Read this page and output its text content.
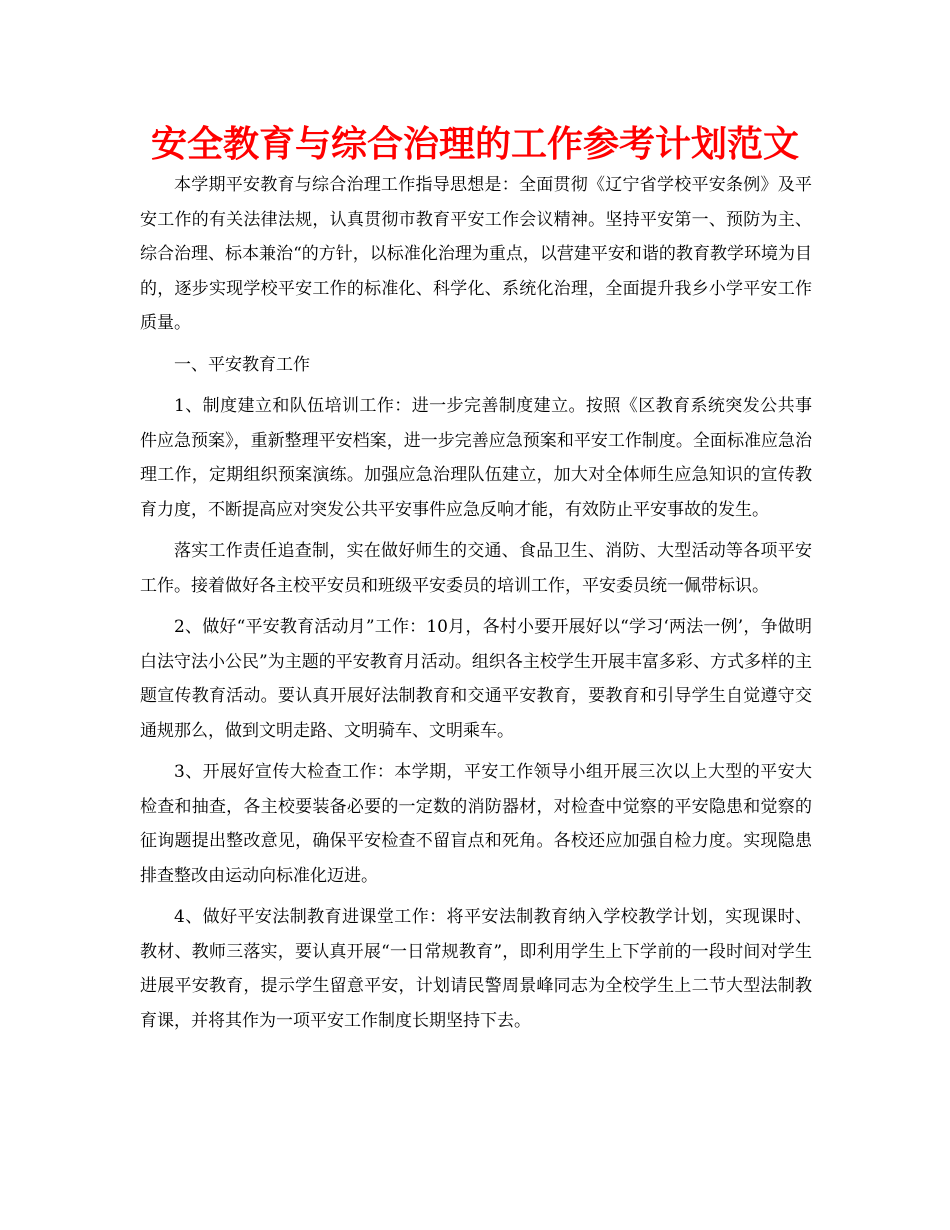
安全教育与综合治理的工作参考计划范文

本学期平安教育与综合治理工作指导思想是：全面贯彻《辽宁省学校平安条例》及平安工作的有关法律法规，认真贯彻市教育平安工作会议精神。坚持平安第一、预防为主、综合治理、标本兼治“的方针，以标准化治理为重点，以营建平安和谐的教育教学环境为目的，逐步实现学校平安工作的标准化、科学化、系统化治理，全面提升我乡小学平安工作质量。

一、平安教育工作

1、制度建立和队伍培训工作：进一步完善制度建立。按照《区教育系统突发公共事件应急预案》，重新整理平安档案，进一步完善应急预案和平安工作制度。全面标准应急治理工作，定期组织预案演练。加强应急治理队伍建立，加大对全体师生应急知识的宣传教育力度，不断提高应对突发公共平安事件应急反响才能，有效防止平安事故的发生。

落实工作责任追查制，实在做好师生的交通、食品卫生、消防、大型活动等各项平安工作。接着做好各主校平安员和班级平安委员的培训工作，平安委员统一佩带标识。

2、做好“平安教育活动月”工作：10月，各村小要开展好以“学习‘两法一例’，争做明白法守法小公民”为主题的平安教育月活动。组织各主校学生开展丰富多彩、方式多样的主题宣传教育活动。要认真开展好法制教育和交通平安教育，要教育和引导学生自觉遵守交通规那么，做到文明走路、文明骑车、文明乘车。

3、开展好宣传大检查工作：本学期，平安工作领导小组开展三次以上大型的平安大检查和抽查，各主校要装备必要的一定数的消防器材，对检查中觉察的平安隐患和觉察的征询题提出整改意见，确保平安检查不留盲点和死角。各校还应加强自检力度。实现隐患排查整改由运动向标准化迈进。

4、做好平安法制教育进课堂工作：将平安法制教育纳入学校教学计划，实现课时、教材、教师三落实，要认真开展“一日常规教育”，即利用学生上下学前的一段时间对学生进展平安教育，提示学生留意平安，计划请民警周景峰同志为全校学生上二节大型法制教育课，并将其作为一项平安工作制度长期坚持下去。
